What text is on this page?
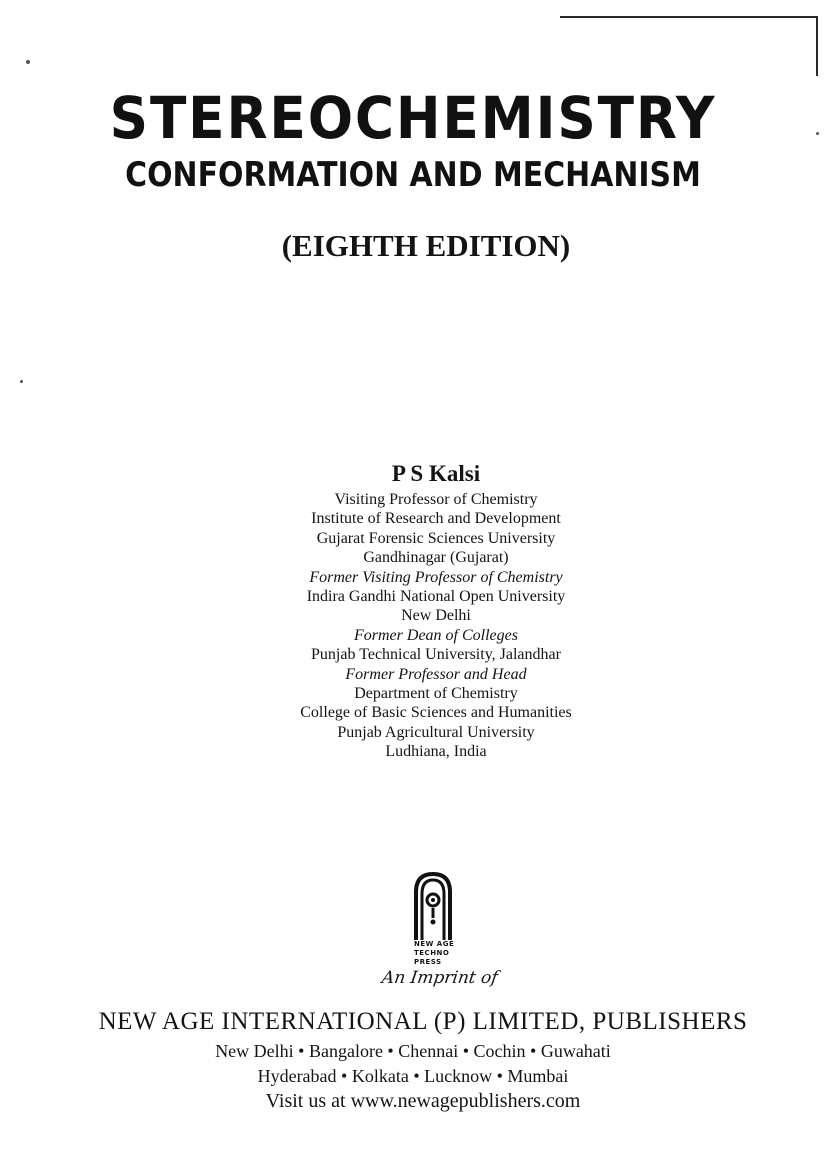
STEREOCHEMISTRY
CONFORMATION AND MECHANISM
(EIGHTH EDITION)
P S Kalsi
Visiting Professor of Chemistry
Institute of Research and Development
Gujarat Forensic Sciences University
Gandhinagar (Gujarat)
Former Visiting Professor of Chemistry
Indira Gandhi National Open University
New Delhi
Former Dean of Colleges
Punjab Technical University, Jalandhar
Former Professor and Head
Department of Chemistry
College of Basic Sciences and Humanities
Punjab Agricultural University
Ludhiana, India
NEW AGE
TECHNO
PRESS
An Imprint of
NEW AGE INTERNATIONAL (P) LIMITED, PUBLISHERS
New Delhi • Bangalore • Chennai • Cochin • Guwahati
Hyderabad • Kolkata • Lucknow • Mumbai
Visit us at www.newagepublishers.com
